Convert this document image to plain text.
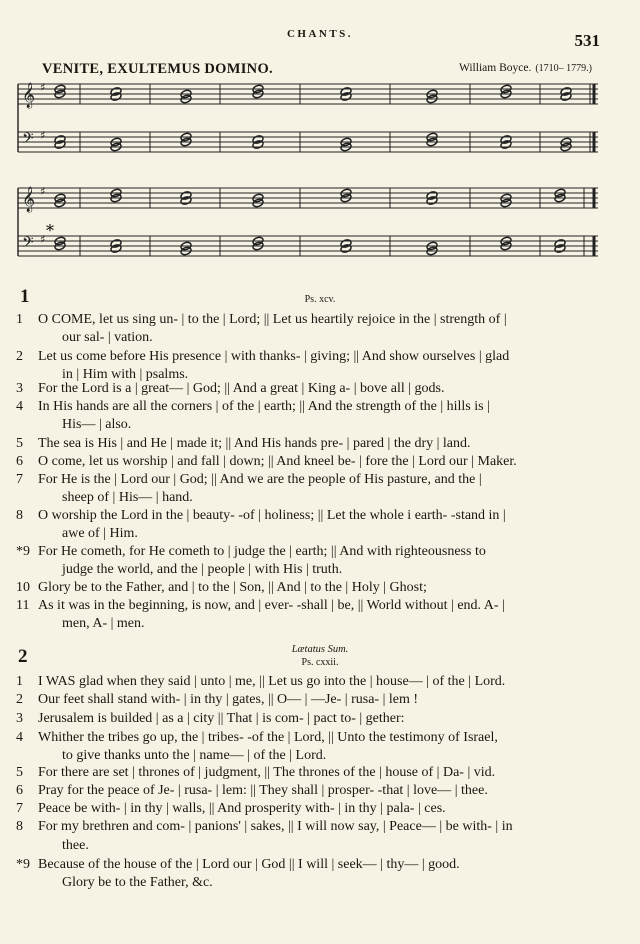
CHANTS.	531
VENITE, EXULTEMUS DOMINO.	William Boyce. (1710– 1779.)
𝄞 ♯
𝄢 ♯
𝄞 ♯
𝄢 ♯ *
1	Ps. xcv.
1	O COME, let us sing un- | to the | Lord; || Let us heartily rejoice in the | strength of |
our sal- | vation.
2	Let us come before His presence | with thanks- | giving; || And show ourselves | glad
in | Him with | psalms.
3	For the Lord is a | great— | God; || And a great | King a- | bove all | gods.
4	In His hands are all the corners | of the | earth; || And the strength of the | hills is |
His— | also.
5	The sea is His | and He | made it; || And His hands pre- | pared | the dry | land.
6	O come, let us worship | and fall | down; || And kneel be- | fore the | Lord our | Maker.
7	For He is the | Lord our | God; || And we are the people of His pasture, and the |
sheep of | His— | hand.
8	O worship the Lord in the | beauty- -of | holiness; || Let the whole i earth- -stand in |
awe of | Him.
*9 For He cometh, for He cometh to | judge the | earth; || And with righteousness to
judge the world, and the | people | with His | truth.
10 Glory be to the Father, and | to the | Son, || And | to the | Holy | Ghost;
11 As it was in the beginning, is now, and | ever- -shall | be, || World without | end. A- |
men, A- | men.
2	Lætatus Sum.
Ps. cxxii.
1	I WAS glad when they said | unto | me, || Let us go into the | house— | of the | Lord.
2	Our feet shall stand with- | in thy | gates, || O— | —Je- | rusa- | lem !
3	Jerusalem is builded | as a | city || That | is com- | pact to- | gether:
4	Whither the tribes go up, the | tribes- -of the | Lord, || Unto the testimony of Israel,
to give thanks unto the | name— | of the | Lord.
5	For there are set | thrones of | judgment, || The thrones of the | house of | Da- | vid.
6	Pray for the peace of Je- | rusa- | lem: || They shall | prosper- -that | love— | thee.
7	Peace be with- | in thy | walls, || And prosperity with- | in thy | pala- | ces.
8	For my brethren and com- | panions' | sakes, || I will now say, | Peace— | be with- | in
thee.
*9 Because of the house of the | Lord our | God || I will | seek— | thy— | good.
Glory be to the Father, &c.
